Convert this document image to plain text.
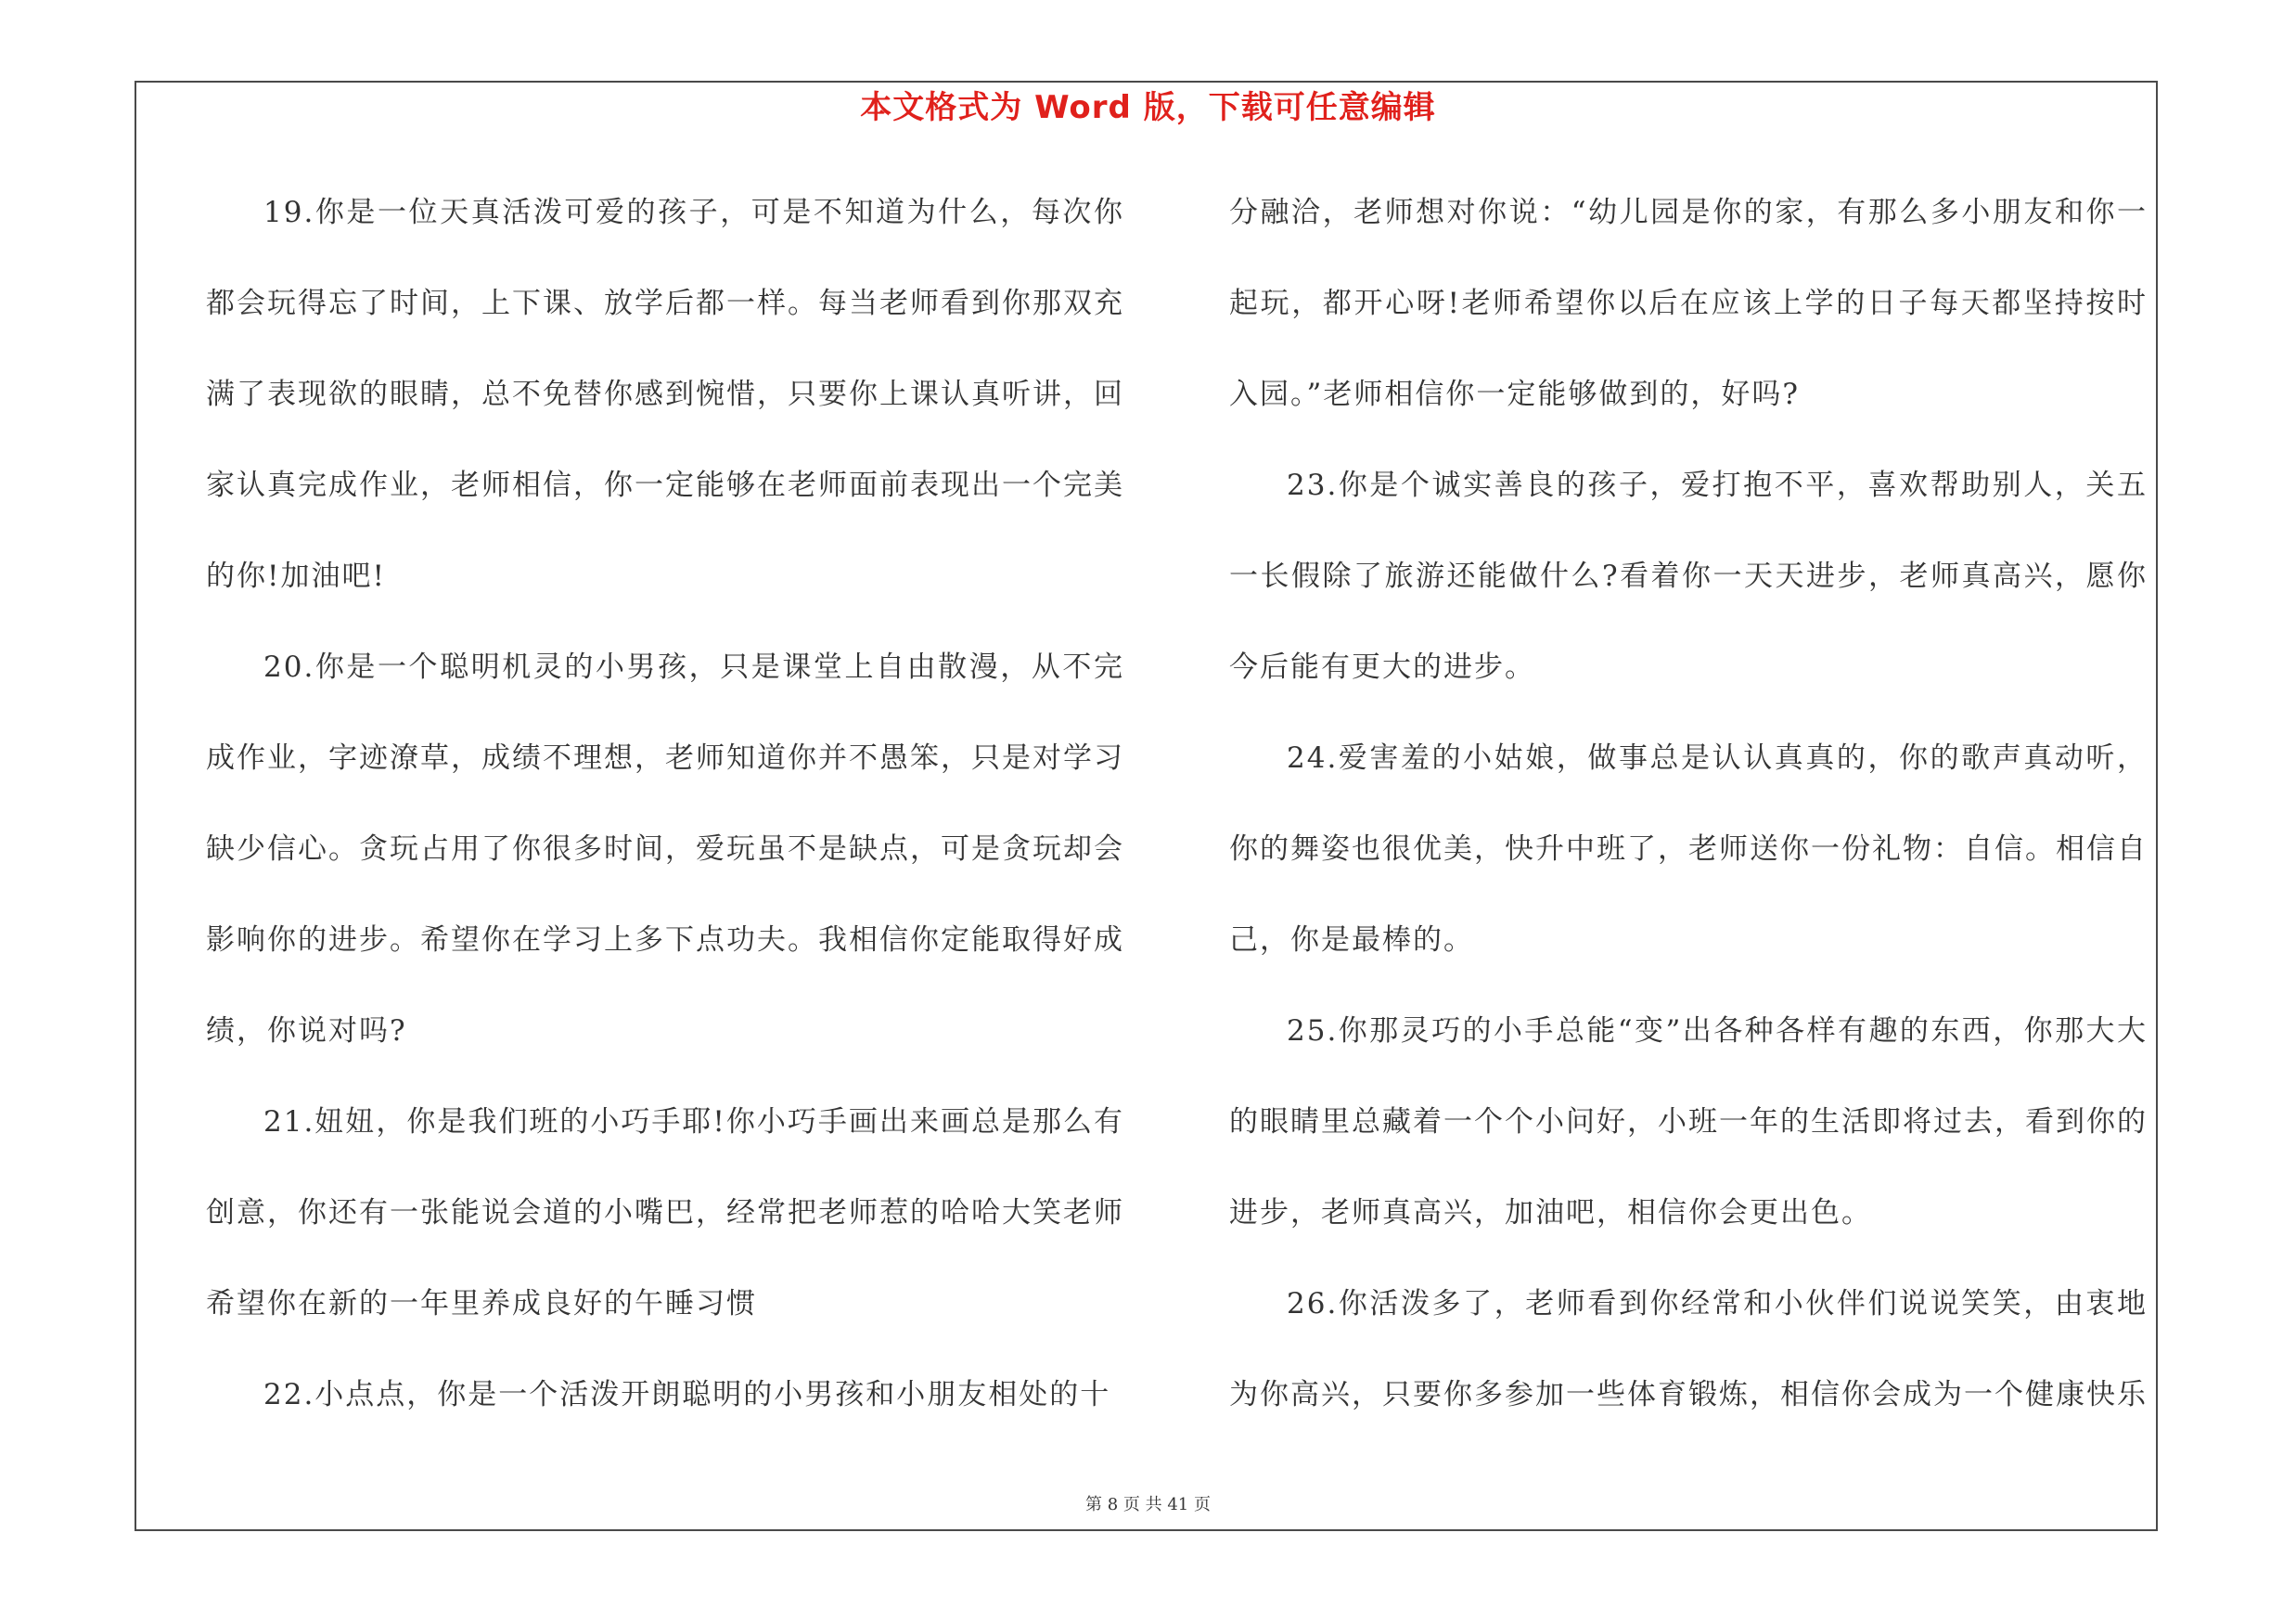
本文格式为 Word 版，下载可任意编辑

19.你是一位天真活泼可爱的孩子，可是不知道为什么，每次你都会玩得忘了时间，上下课、放学后都一样。每当老师看到你那双充满了表现欲的眼睛，总不免替你感到惋惜，只要你上课认真听讲，回家认真完成作业，老师相信，你一定能够在老师面前表现出一个完美的你!加油吧!

20.你是一个聪明机灵的小男孩，只是课堂上自由散漫，从不完成作业，字迹潦草，成绩不理想，老师知道你并不愚笨，只是对学习缺少信心。贪玩占用了你很多时间，爱玩虽不是缺点，可是贪玩却会影响你的进步。希望你在学习上多下点功夫。我相信你定能取得好成绩，你说对吗?

21.妞妞，你是我们班的小巧手耶!你小巧手画出来画总是那么有创意，你还有一张能说会道的小嘴巴，经常把老师惹的哈哈大笑老师希望你在新的一年里养成良好的午睡习惯

22.小点点，你是一个活泼开朗聪明的小男孩和小朋友相处的十

分融洽，老师想对你说：“幼儿园是你的家，有那么多小朋友和你一起玩，都开心呀!老师希望你以后在应该上学的日子每天都坚持按时入园。”老师相信你一定能够做到的，好吗?

23.你是个诚实善良的孩子，爱打抱不平，喜欢帮助别人，关五一长假除了旅游还能做什么?看着你一天天进步，老师真高兴，愿你今后能有更大的进步。

24.爱害羞的小姑娘，做事总是认认真真的，你的歌声真动听，你的舞姿也很优美，快升中班了，老师送你一份礼物：自信。相信自己，你是最棒的。

25.你那灵巧的小手总能“变”出各种各样有趣的东西，你那大大的眼睛里总藏着一个个小问好，小班一年的生活即将过去，看到你的进步，老师真高兴，加油吧，相信你会更出色。

26.你活泼多了，老师看到你经常和小伙伴们说说笑笑，由衷地为你高兴，只要你多参加一些体育锻炼，相信你会成为一个健康快乐

第 8 页 共 41 页
